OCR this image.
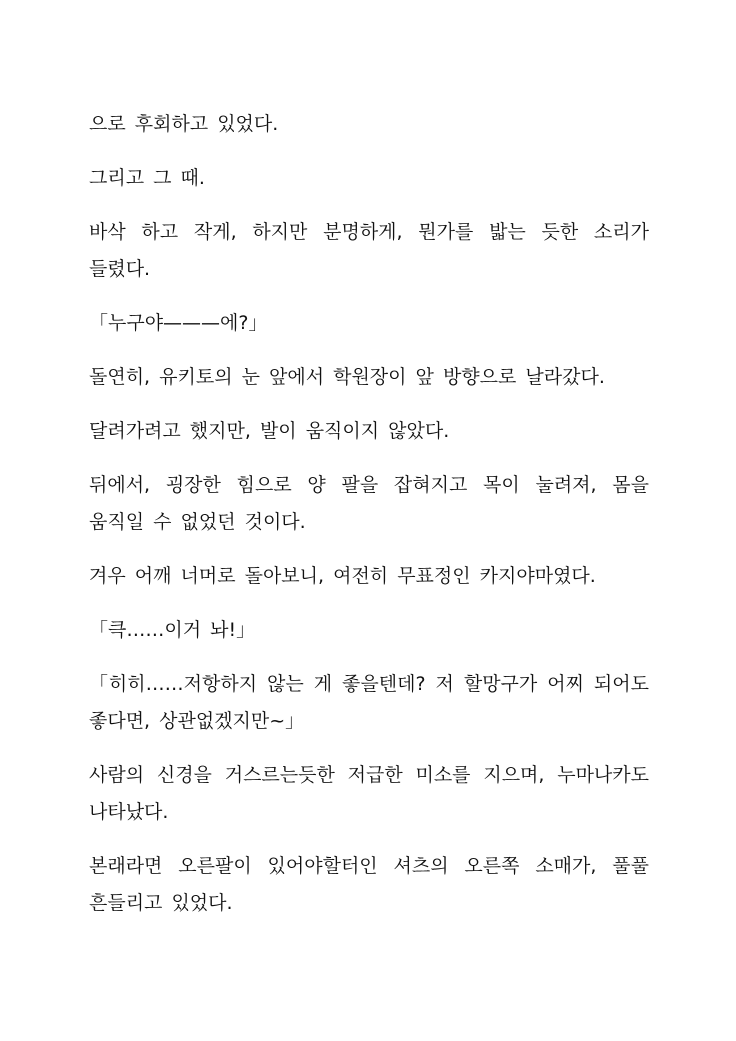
으로 후회하고 있었다.

그리고 그 때.

바삭 하고 작게, 하지만 분명하게, 뭔가를 밟는 듯한 소리가 들렸다.

「누구야———에?」

돌연히, 유키토의 눈 앞에서 학원장이 앞 방향으로 날라갔다.

달려가려고 했지만, 발이 움직이지 않았다.

뒤에서, 굉장한 힘으로 양 팔을 잡혀지고 목이 눌려져, 몸을 움직일 수 없었던 것이다.

겨우 어깨 너머로 돌아보니, 여전히 무표정인 카지야마였다.

「큭……이거 놔!」

「히히……저항하지 않는 게 좋을텐데? 저 할망구가 어찌 되어도 좋다면, 상관없겠지만~」

사람의 신경을 거스르는듯한 저급한 미소를 지으며, 누마나카도 나타났다.

본래라면 오른팔이 있어야할터인 셔츠의 오른쪽 소매가, 풀풀 흔들리고 있었다.
